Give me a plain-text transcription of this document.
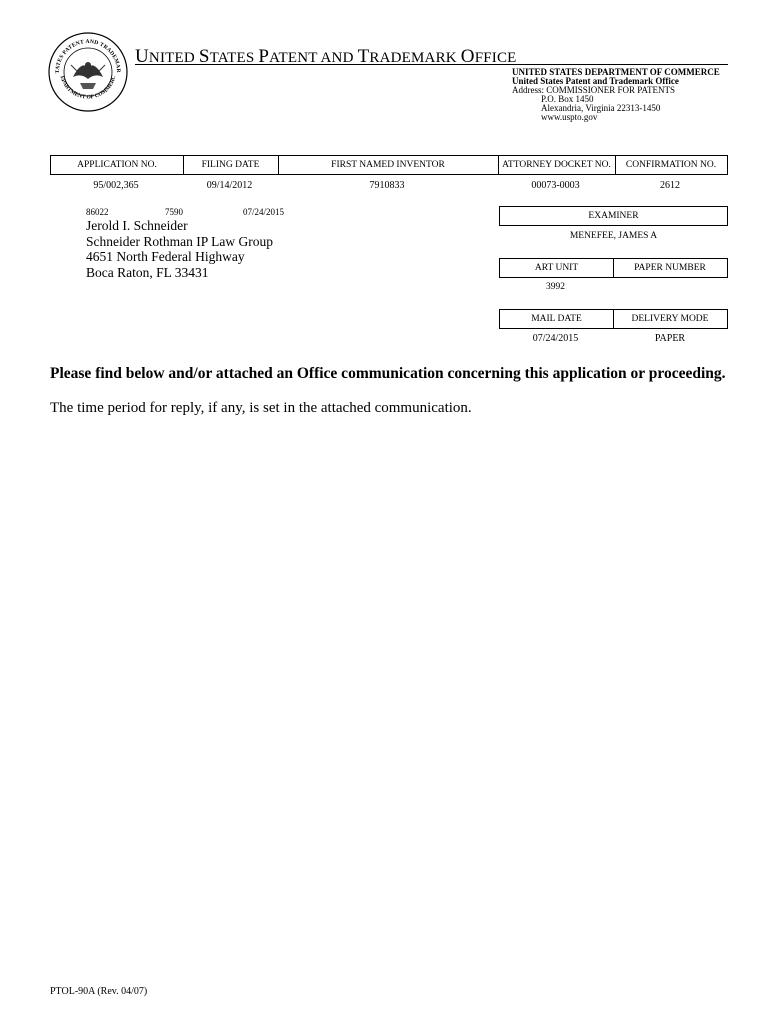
TATES PATENT AND TRADEMAR
EPARTMENT OF COMMERC
UNITED STATES PATENT AND TRADEMARK OFFICE
UNITED STATES DEPARTMENT OF COMMERCE
United States Patent and Trademark Office
Address: COMMISSIONER FOR PATENTS
P.O. Box 1450
Alexandria, Virginia 22313-1450
www.uspto.gov
APPLICATION NO.	FILING DATE	FIRST NAMED INVENTOR	ATTORNEY DOCKET NO.	CONFIRMATION NO.
95/002,365	09/14/2012	7910833	00073-0003	2612
86022	7590	07/24/2015
Jerold I. Schneider
Schneider Rothman IP Law Group
4651 North Federal Highway
Boca Raton, FL 33431
EXAMINER
MENEFEE, JAMES A
ART UNIT	PAPER NUMBER
3992
MAIL DATE	DELIVERY MODE
07/24/2015	PAPER
Please find below and/or attached an Office communication concerning this application or proceeding.
The time period for reply, if any, is set in the attached communication.
PTOL-90A (Rev. 04/07)
